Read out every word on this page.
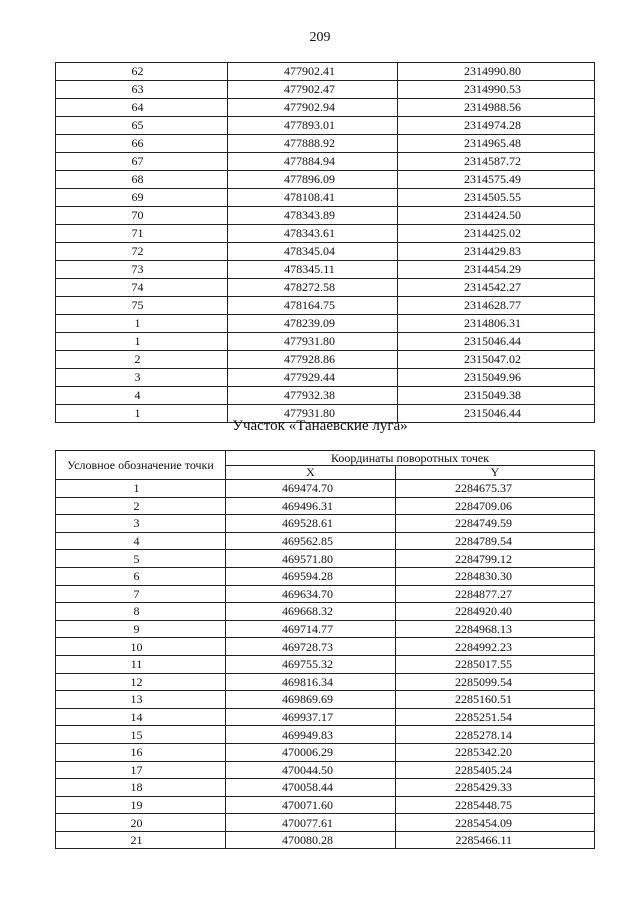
209
62	477902.41	2314990.80
63	477902.47	2314990.53
64	477902.94	2314988.56
65	477893.01	2314974.28
66	477888.92	2314965.48
67	477884.94	2314587.72
68	477896.09	2314575.49
69	478108.41	2314505.55
70	478343.89	2314424.50
71	478343.61	2314425.02
72	478345.04	2314429.83
73	478345.11	2314454.29
74	478272.58	2314542.27
75	478164.75	2314628.77
1	478239.09	2314806.31
1	477931.80	2315046.44
2	477928.86	2315047.02
3	477929.44	2315049.96
4	477932.38	2315049.38
1	477931.80	2315046.44
Участок «Танаевские луга»
Условное обозначение точки	Координаты поворотных точек	
	X	Y
1	469474.70	2284675.37
2	469496.31	2284709.06
3	469528.61	2284749.59
4	469562.85	2284789.54
5	469571.80	2284799.12
6	469594.28	2284830.30
7	469634.70	2284877.27
8	469668.32	2284920.40
9	469714.77	2284968.13
10	469728.73	2284992.23
11	469755.32	2285017.55
12	469816.34	2285099.54
13	469869.69	2285160.51
14	469937.17	2285251.54
15	469949.83	2285278.14
16	470006.29	2285342.20
17	470044.50	2285405.24
18	470058.44	2285429.33
19	470071.60	2285448.75
20	470077.61	2285454.09
21	470080.28	2285466.11
